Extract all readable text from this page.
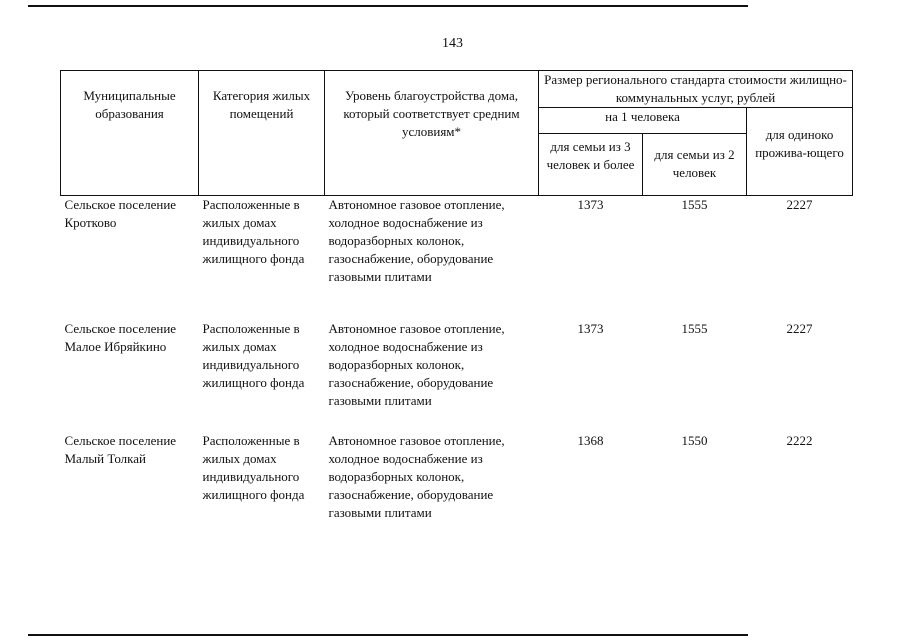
143
Муниципальные образования	Категория жилых помещений	Уровень благоустройства дома, который соответствует средним условиям*	Размер регионального стандарта стоимости жилищно-коммунальных услуг, рублей		
			на 1 человека		для одиноко прожива-ющего
			для семьи из 3 человек и более	для семьи из 2 человек	
Сельское поселение Кротково	Расположенные в жилых домах индивидуального жилищного фонда	Автономное газовое отопление, холодное водоснабжение из водоразборных колонок, газоснабжение, оборудование газовыми плитами	1373	1555	2227
Сельское поселение Малое Ибряйкино	Расположенные в жилых домах индивидуального жилищного фонда	Автономное газовое отопление, холодное водоснабжение из водоразборных колонок, газоснабжение, оборудование газовыми плитами	1373	1555	2227
Сельское поселение Малый Толкай	Расположенные в жилых домах индивидуального жилищного фонда	Автономное газовое отопление, холодное водоснабжение из водоразборных колонок, газоснабжение, оборудование газовыми плитами	1368	1550	2222
